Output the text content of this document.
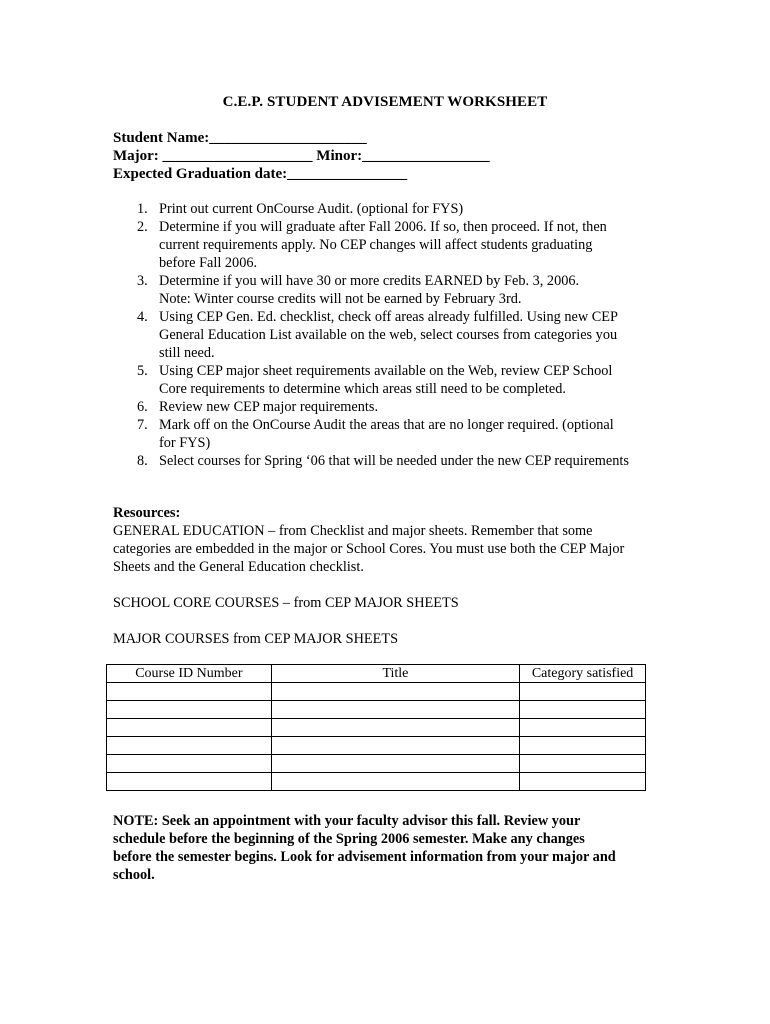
C.E.P. STUDENT ADVISEMENT WORKSHEET
Student Name:_____________________
Major: ____________________ Minor:_________________
Expected Graduation date:________________
1. Print out current OnCourse Audit. (optional for FYS)
2. Determine if you will graduate after Fall 2006. If so, then proceed. If not, then
current requirements apply. No CEP changes will affect students graduating
before Fall 2006.
3. Determine if you will have 30 or more credits EARNED by Feb. 3, 2006.
Note: Winter course credits will not be earned by February 3rd.
4. Using CEP Gen. Ed. checklist, check off areas already fulfilled. Using new CEP
General Education List available on the web, select courses from categories you
still need.
5. Using CEP major sheet requirements available on the Web, review CEP School
Core requirements to determine which areas still need to be completed.
6. Review new CEP major requirements.
7. Mark off on the OnCourse Audit the areas that are no longer required. (optional
for FYS)
8. Select courses for Spring ‘06 that will be needed under the new CEP requirements
Resources:
GENERAL EDUCATION – from Checklist and major sheets. Remember that some
categories are embedded in the major or School Cores. You must use both the CEP Major
Sheets and the General Education checklist.
SCHOOL CORE COURSES – from CEP MAJOR SHEETS
MAJOR COURSES from CEP MAJOR SHEETS
Course ID Number	Title	Category satisfied

NOTE: Seek an appointment with your faculty advisor this fall. Review your
schedule before the beginning of the Spring 2006 semester. Make any changes
before the semester begins. Look for advisement information from your major and
school.
